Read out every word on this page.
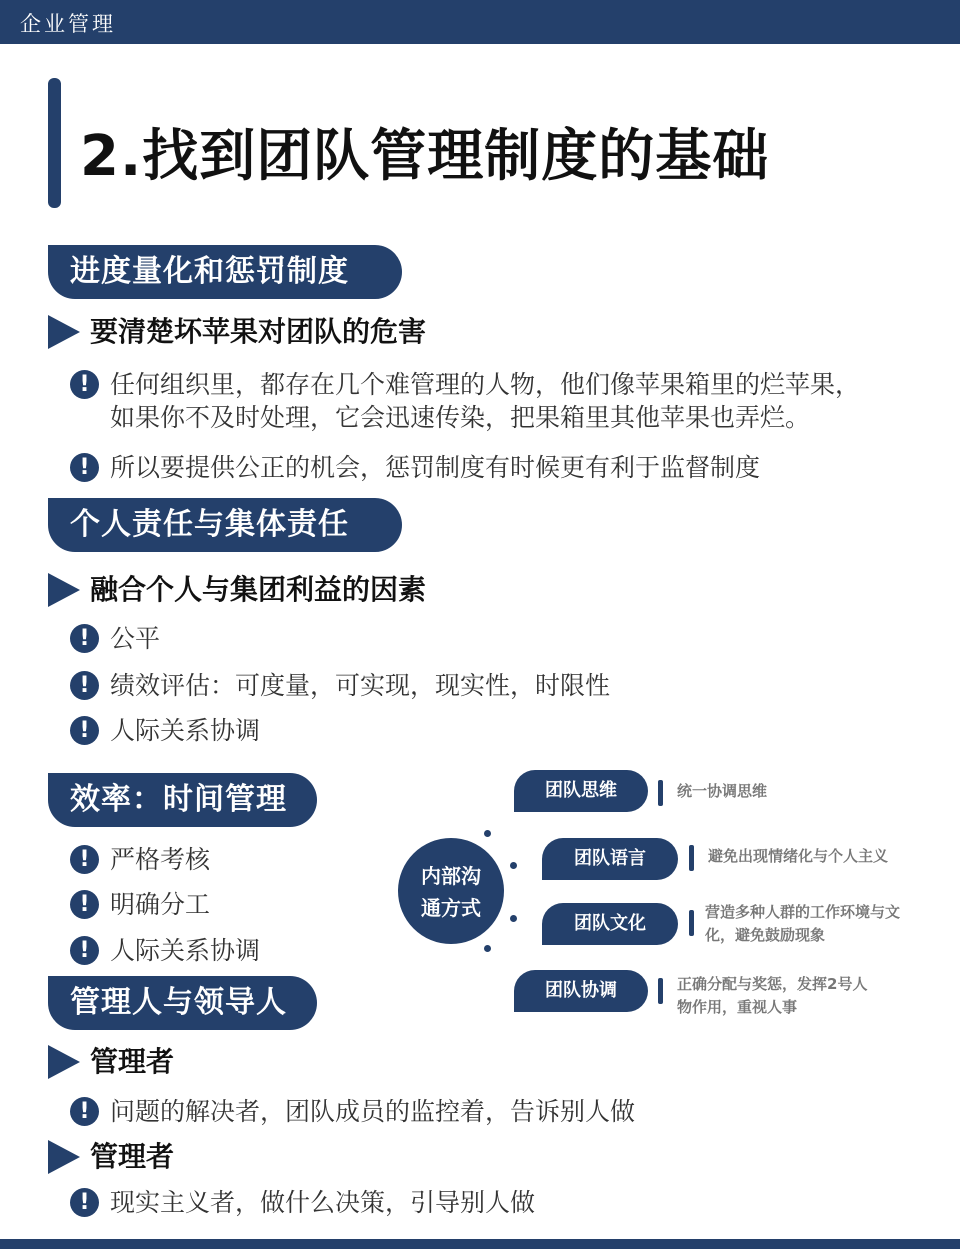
企业管理
2.找到团队管理制度的基础
进度量化和惩罚制度
要清楚坏苹果对团队的危害
!
任何组织里，都存在几个难管理的人物，他们像苹果箱里的烂苹果，
如果你不及时处理，它会迅速传染，把果箱里其他苹果也弄烂。
!
所以要提供公正的机会，惩罚制度有时候更有利于监督制度
个人责任与集体责任
融合个人与集团利益的因素
!
公平
!
绩效评估：可度量，可实现，现实性，时限性
!
人际关系协调
效率：时间管理
!
严格考核
!
明确分工
!
人际关系协调
管理人与领导人
管理者
!
问题的解决者，团队成员的监控着，告诉别人做
管理者
!
现实主义者，做什么决策，引导别人做
内部沟
通方式
团队思维	统一协调思维
团队语言	避免出现情绪化与个人主义
团队文化
营造多种人群的工作环境与文
化，避免鼓励现象
团队协调	正确分配与奖惩，发挥2号人
物作用，重视人事
